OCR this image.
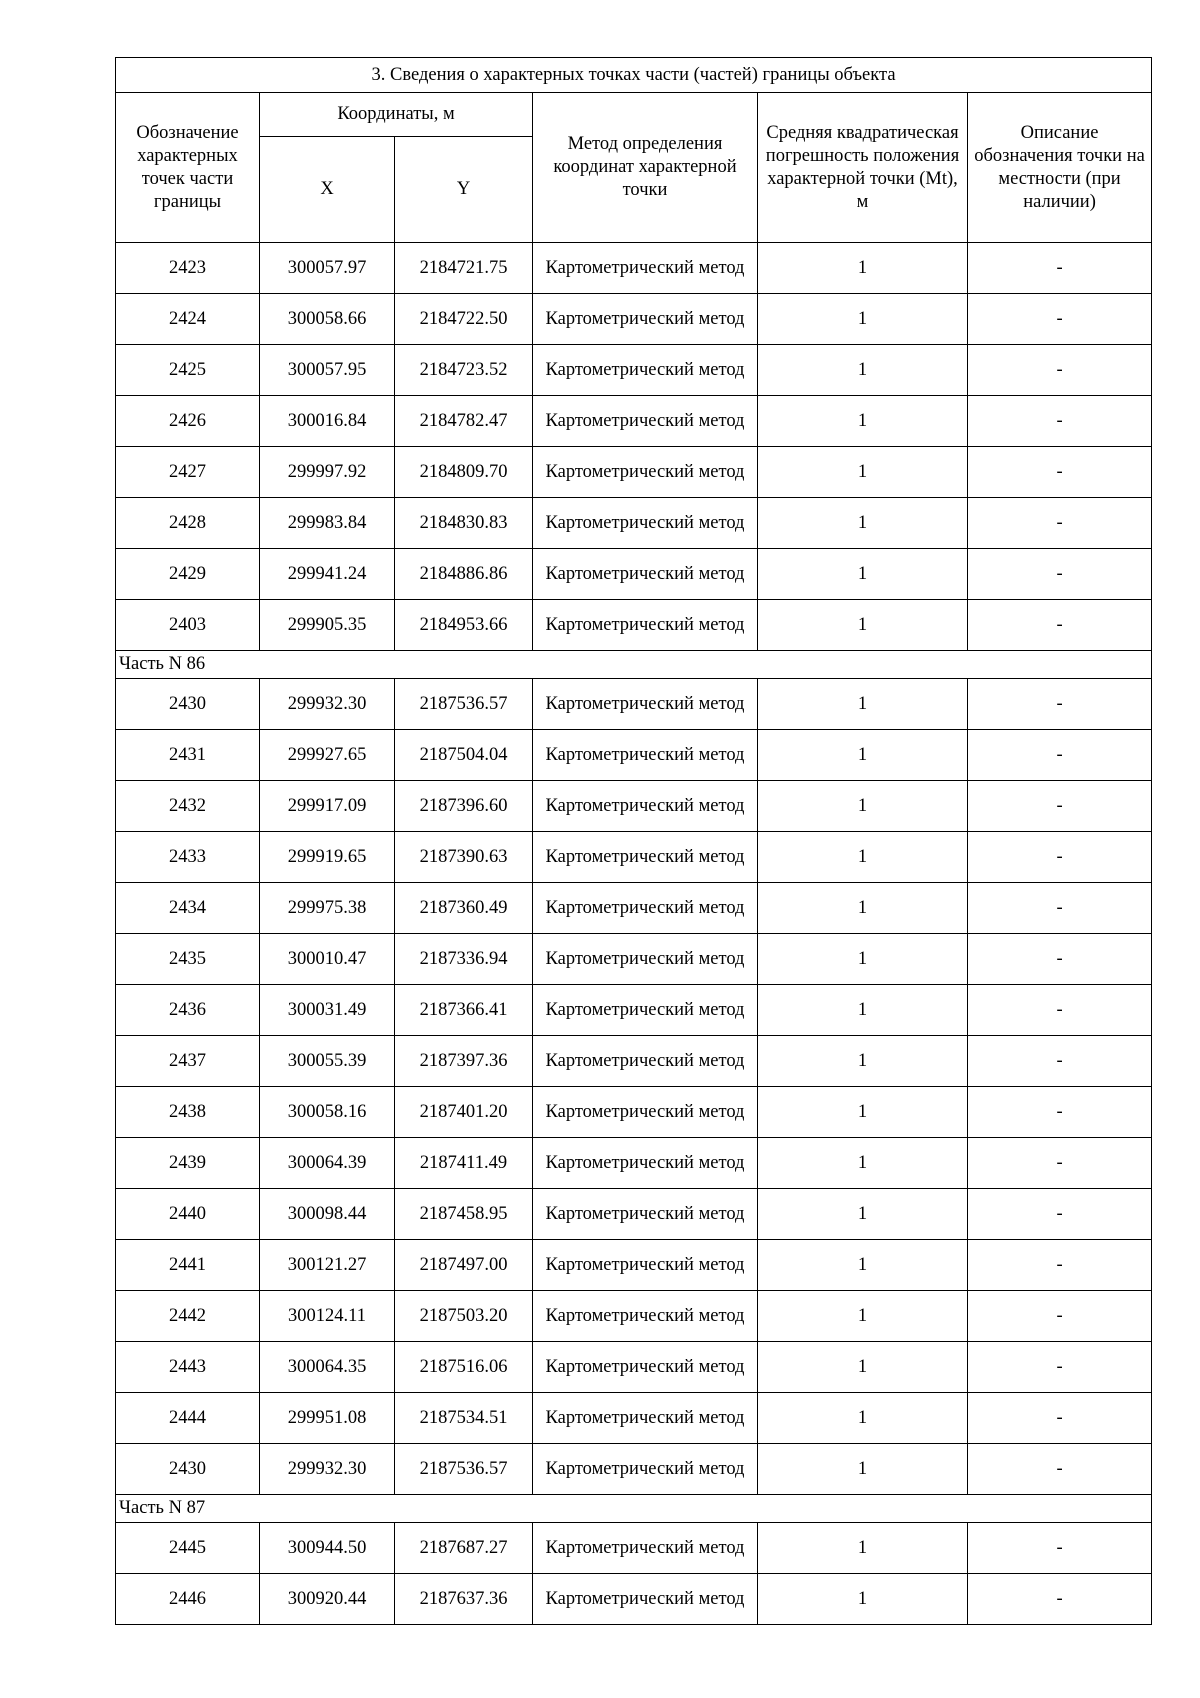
3. Сведения о характерных точках части (частей) границы объекта					
Обозначение характерных точек части границы	Координаты, м		Метод определения координат характерной точки	Средняя квадратическая погрешность положения характерной точки (Mt), м	Описание обозначения точки на местности (при наличии)
	X	Y			
2423	300057.97	2184721.75	Картометрический метод	1	-
2424	300058.66	2184722.50	Картометрический метод	1	-
2425	300057.95	2184723.52	Картометрический метод	1	-
2426	300016.84	2184782.47	Картометрический метод	1	-
2427	299997.92	2184809.70	Картометрический метод	1	-
2428	299983.84	2184830.83	Картометрический метод	1	-
2429	299941.24	2184886.86	Картометрический метод	1	-
2403	299905.35	2184953.66	Картометрический метод	1	-
Часть N 86					
2430	299932.30	2187536.57	Картометрический метод	1	-
2431	299927.65	2187504.04	Картометрический метод	1	-
2432	299917.09	2187396.60	Картометрический метод	1	-
2433	299919.65	2187390.63	Картометрический метод	1	-
2434	299975.38	2187360.49	Картометрический метод	1	-
2435	300010.47	2187336.94	Картометрический метод	1	-
2436	300031.49	2187366.41	Картометрический метод	1	-
2437	300055.39	2187397.36	Картометрический метод	1	-
2438	300058.16	2187401.20	Картометрический метод	1	-
2439	300064.39	2187411.49	Картометрический метод	1	-
2440	300098.44	2187458.95	Картометрический метод	1	-
2441	300121.27	2187497.00	Картометрический метод	1	-
2442	300124.11	2187503.20	Картометрический метод	1	-
2443	300064.35	2187516.06	Картометрический метод	1	-
2444	299951.08	2187534.51	Картометрический метод	1	-
2430	299932.30	2187536.57	Картометрический метод	1	-
Часть N 87					
2445	300944.50	2187687.27	Картометрический метод	1	-
2446	300920.44	2187637.36	Картометрический метод	1	-
